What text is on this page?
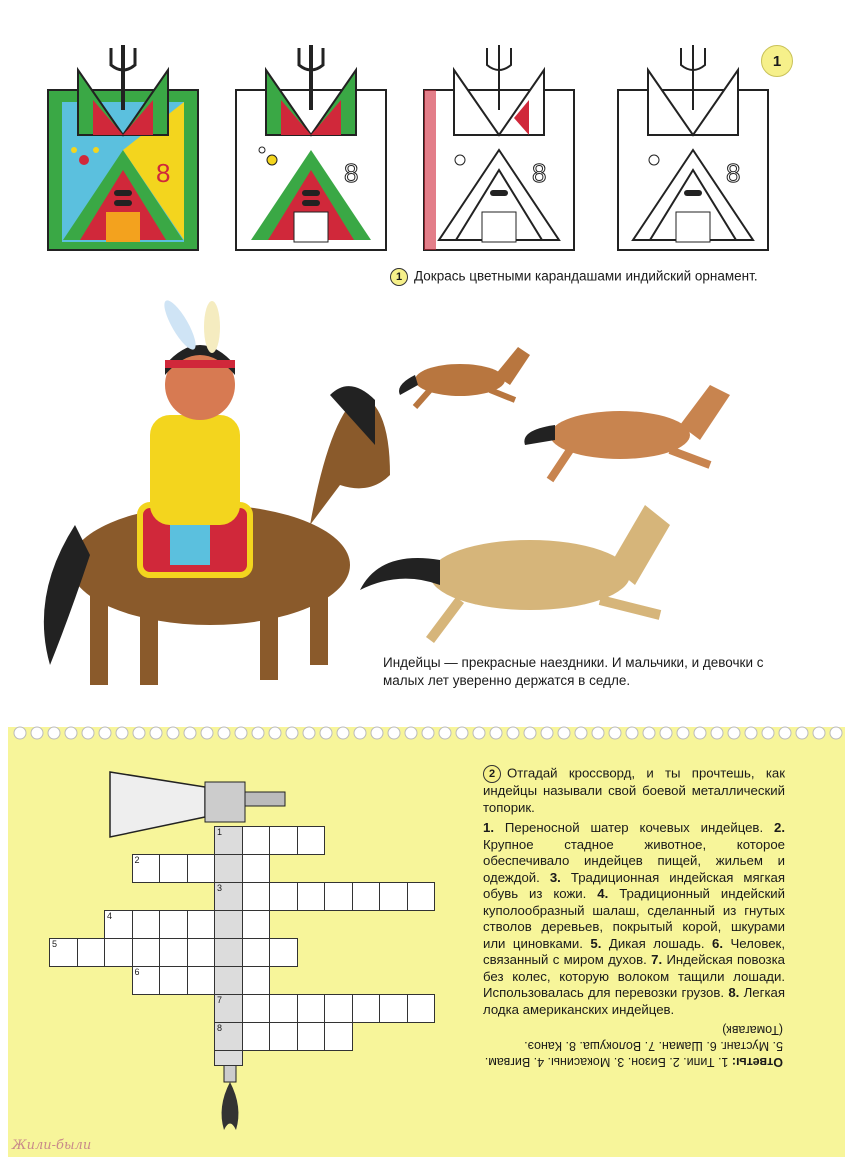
1
8	8	8	8
1 Докрась цветными карандашами индийский орнамент.
Индейцы — прекрасные наездники. И мальчики, и девочки с малых лет уверенно держатся в седле.
1
2
3
4
5
6
7
8
2 Отгадай кроссворд, и ты прочтешь, как индейцы называли свой боевой металлический топорик.
1. Переносной шатер кочевых индейцев. 2. Крупное стадное животное, которое обеспечивало индейцев пищей, жильем и одеждой. 3. Традиционная индейская мягкая обувь из кожи. 4. Традиционный индейский куполообразный шалаш, сделанный из гнутых стволов деревьев, покрытый корой, шкурами или циновками. 5. Дикая лошадь. 6. Человек, связанный с миром духов. 7. Индейская повозка без колес, которую волоком тащили лошади. Использовалась для перевозки грузов. 8. Легкая лодка американских индейцев.
Ответы: 1. Типи. 2. Бизон. 3. Мокасины. 4. Вигвам. 5. Мустанг. 6. Шаман. 7. Волокуша. 8. Каноэ. (Томагавк)
Жили-были
